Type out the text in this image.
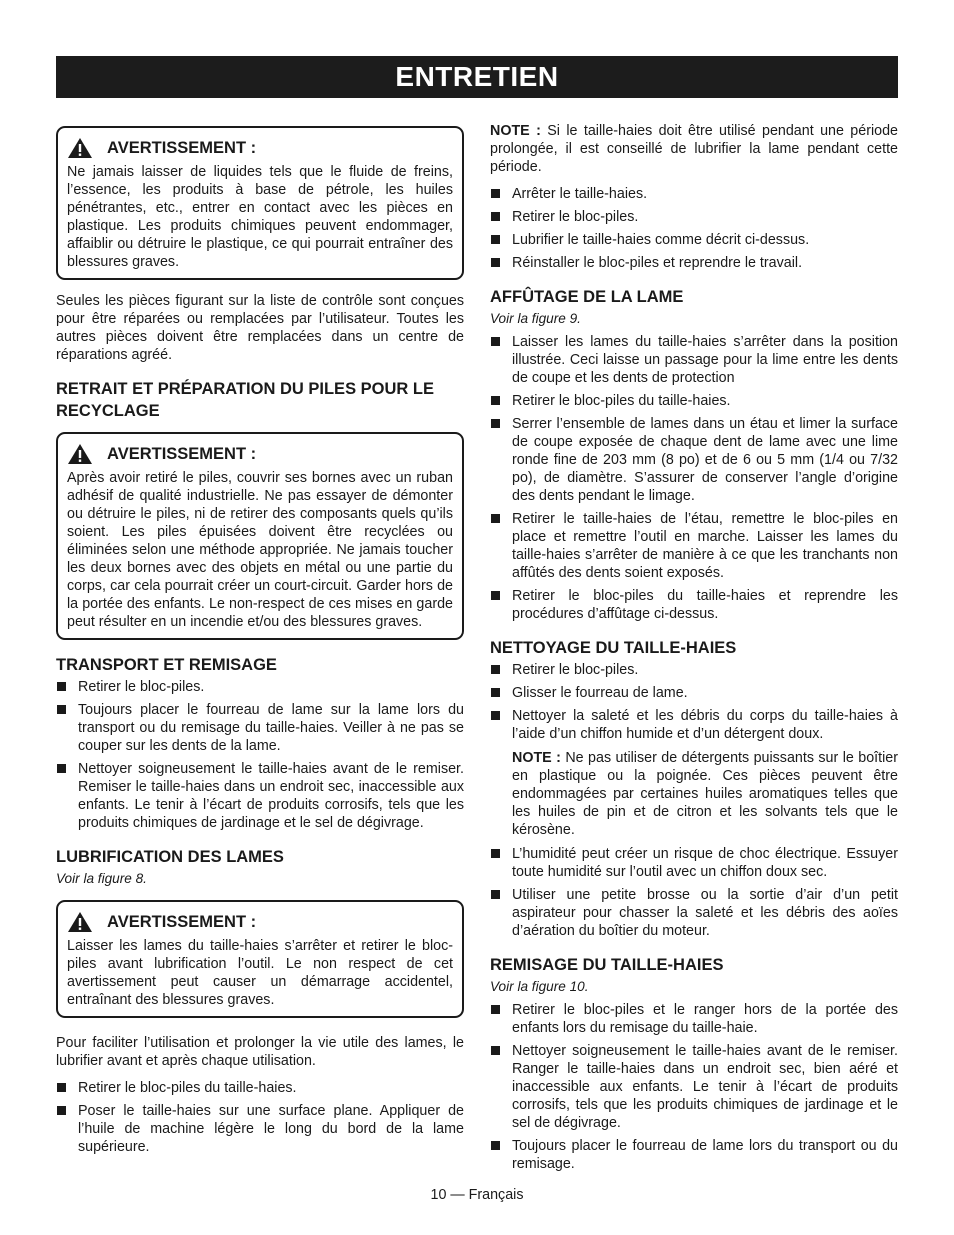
ENTRETIEN
AVERTISSEMENT :
Ne jamais laisser de liquides tels que le fluide de freins, l’essence, les produits à base de pétrole, les huiles pénétrantes, etc., entrer en contact avec les pièces en plastique. Les produits chimiques peuvent endommager, affaiblir ou détruire le plastique, ce qui pourrait entraîner des blessures graves.

Seules les pièces figurant sur la liste de contrôle sont conçues pour être réparées ou remplacées par l’utilisateur. Toutes les autres pièces doivent être remplacées dans un centre de réparations agréé.

RETRAIT ET PRÉPARATION DU PILES POUR LE RECYCLAGE
AVERTISSEMENT :
Après avoir retiré le piles, couvrir ses bornes avec un ruban adhésif de qualité industrielle. Ne pas essayer de démonter ou détruire le piles, ni de retirer des composants quels qu’ils soient. Les piles épuisées doivent être recyclées ou éliminées selon une méthode appropriée. Ne jamais toucher les deux bornes avec des objets en métal ou une partie du corps, car cela pourrait créer un court-circuit. Garder hors de la portée des enfants. Le non-respect de ces mises en garde peut résulter en un incendie et/ou des blessures graves.
TRANSPORT ET REMISAGE
Retirer le bloc-piles.
Toujours placer le fourreau de lame sur la lame lors du transport ou du remisage du taille-haies. Veiller à ne pas se couper sur les dents de la lame.
Nettoyer soigneusement le taille-haies avant de le remiser. Remiser le taille-haies dans un endroit sec, inaccessible aux enfants. Le tenir à l’écart de produits corrosifs, tels que les produits chimiques de jardinage et le sel de dégivrage.
LUBRIFICATION DES LAMES
Voir la figure 8.
AVERTISSEMENT :
Laisser les lames du taille-haies s’arrêter et retirer le bloc-piles avant lubrification l’outil. Le non respect de cet avertissement peut causer un démarrage accidentel, entraînant des blessures graves.

Pour faciliter l’utilisation et prolonger la vie utile des lames, le lubrifier avant et après chaque utilisation.

Retirer le bloc-piles du taille-haies.
Poser le taille-haies sur une surface plane. Appliquer de l’huile de machine légère le long du bord de la lame supérieure.

NOTE : Si le taille-haies doit être utilisé pendant une période prolongée, il est conseillé de lubrifier la lame pendant cette période.

Arrêter le taille-haies.
Retirer le bloc-piles.
Lubrifier le taille-haies comme décrit ci-dessus.
Réinstaller le bloc-piles et reprendre le travail.
AFFÛTAGE DE LA LAME
Voir la figure 9.
Laisser les lames du taille-haies s’arrêter dans la position illustrée. Ceci laisse un passage pour la lime entre les dents de coupe et les dents de protection
Retirer le bloc-piles du taille-haies.
Serrer l’ensemble de lames dans un étau et limer la surface de coupe exposée de chaque dent de lame avec une lime ronde fine de 203 mm (8 po) et de 6 ou 5 mm (1/4 ou 7/32 po), de diamètre. S’assurer de conserver l’angle d’origine des dents pendant le limage.
Retirer le taille-haies de l’étau, remettre le bloc-piles en place et remettre l’outil en marche. Laisser les lames du taille-haies s’arrêter de manière à ce que les tranchants non affûtés des dents soient exposés.
Retirer le bloc-piles du taille-haies et reprendre les procédures d’affûtage ci-dessus.
NETTOYAGE DU TAILLE-HAIES
Retirer le bloc-piles.
Glisser le fourreau de lame.
Nettoyer la saleté et les débris du corps du taille-haies à l’aide d’un chiffon humide et d’un détergent doux.
NOTE : Ne pas utiliser de détergents puissants sur le boîtier en plastique ou la poignée. Ces pièces peuvent être endommagées par certaines huiles aromatiques telles que les huiles de pin et de citron et les solvants tels que le kérosène.
L’humidité peut créer un risque de choc électrique. Essuyer toute humidité sur l’outil avec un chiffon doux sec.
Utiliser une petite brosse ou la sortie d’air d’un petit aspirateur pour chasser la saleté et les débris des aoïes d’aération du boîtier du moteur.
REMISAGE DU TAILLE-HAIES
Voir la figure 10.
Retirer le bloc-piles et le ranger hors de la portée des enfants lors du remisage du taille-haie.
Nettoyer soigneusement le taille-haies avant de le remiser. Ranger le taille-haies dans un endroit sec, bien aéré et inaccessible aux enfants. Le tenir à l’écart de produits corrosifs, tels que les produits chimiques de jardinage et le sel de dégivrage.
Toujours placer le fourreau de lame lors du transport ou du remisage.
10 — Français
